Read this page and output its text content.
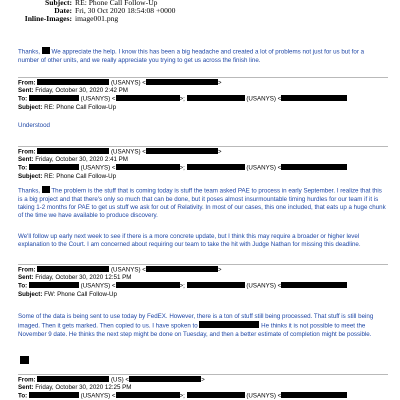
Subject: RE: Phone Call Follow-Up
Date: Fri, 30 Oct 2020 18:54:08 +0000
Inline-Images: image001.png
Thanks, We appreciate the help. I know this has been a big headache and created a lot of problems not just for us but for a number of other units, and we really appreciate you trying to get us across the finish line.
From:	(USANYS) <	>
Sent: Friday, October 30, 2020 2:42 PM
To:	(USANYS) <	>;	(USANYS) <
Subject: RE: Phone Call Follow-Up
Understood
From:	(USANYS) <	>
Sent: Friday, October 30, 2020 2:41 PM
To:	(USANYS) <	>;	(USANYS) <
Subject: RE: Phone Call Follow-Up
Thanks, The problem is the stuff that is coming today is stuff the team asked PAE to process in early September. I realize that this is a big project and that there's only so much that can be done, but it poses almost insurmountable timing hurdles for our team if it is taking 1-2 months for PAE to get us stuff we ask for out of Relativity. In most of our cases, this one included, that eats up a huge chunk of the time we have available to produce discovery.
We'll follow up early next week to see if there is a more concrete update, but I think this may require a broader or higher level explanation to the Court. I am concerned about requiring our team to take the hit with Judge Nathan for missing this deadline.
From:	(USANYS) <	>
Sent: Friday, October 30, 2020 12:51 PM
To:	(USANYS) <	>;	(USANYS) <
Subject: FW: Phone Call Follow-Up
Some of the data is being sent to use today by FedEX. However, there is a ton of stuff still being processed. That stuff is still being imaged. Then it gets marked. Then copied to us. I have spoken to	He thinks it is not possible to meet the November 9 date. He thinks the next step might be done on Tuesday, and then a better estimate of completion might be possible.
From:	(US) <	>
Sent: Friday, October 30, 2020 12:25 PM
To:	(USANYS) <	>;	(USANYS) <
